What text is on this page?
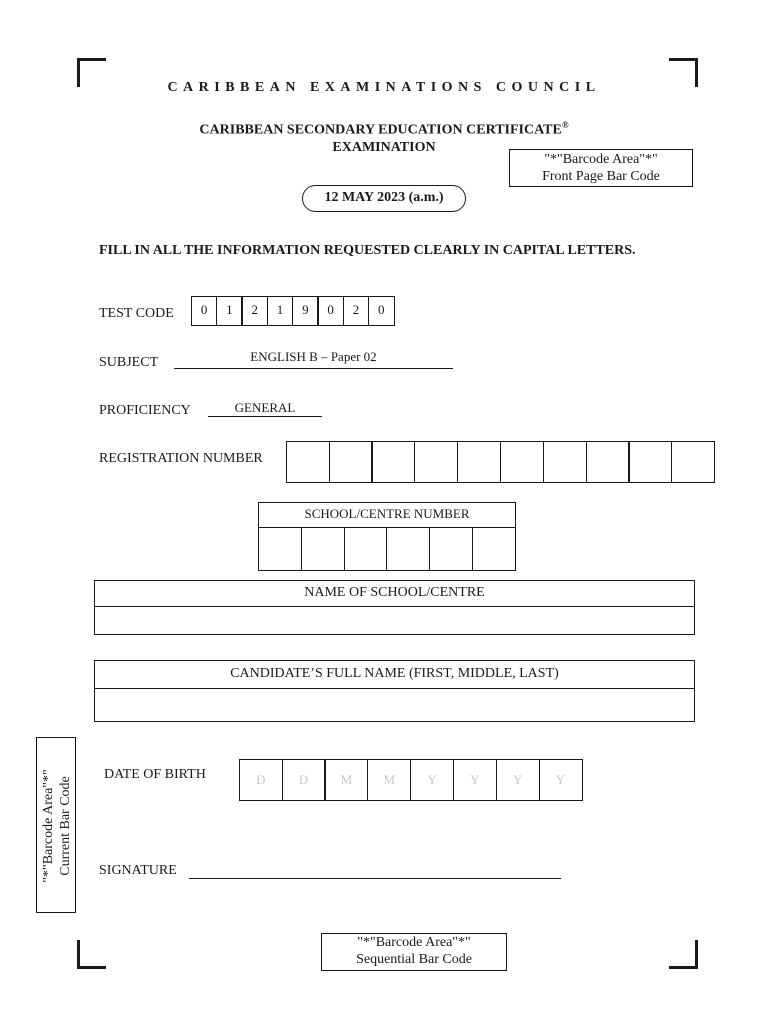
CARIBBEAN EXAMINATIONS COUNCIL
CARIBBEAN SECONDARY EDUCATION CERTIFICATE®
EXAMINATION
"*"Barcode Area"*"
Front Page Bar Code
12 MAY 2023 (a.m.)
FILL IN ALL THE INFORMATION REQUESTED CLEARLY IN CAPITAL LETTERS.
TEST CODE	0	1	2	1	9	0	2	0
SUBJECT	ENGLISH B – Paper 02
PROFICIENCY	GENERAL
REGISTRATION NUMBER
SCHOOL/CENTRE NUMBER
NAME OF SCHOOL/CENTRE
CANDIDATE’S FULL NAME (FIRST, MIDDLE, LAST)
"*"Barcode Area"*" Current Bar Code
DATE OF BIRTH	D	D	M	M	Y	Y	Y	Y
SIGNATURE
"*"Barcode Area"*"
Sequential Bar Code
